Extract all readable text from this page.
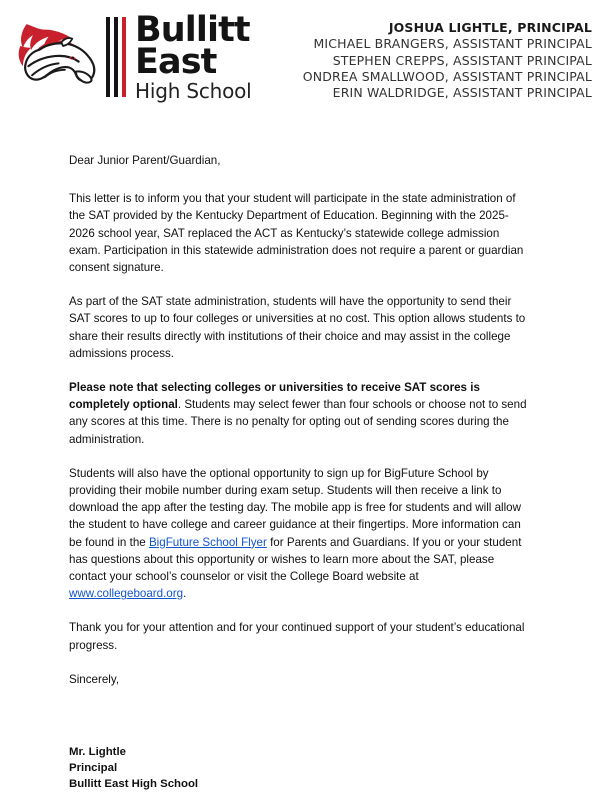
Bullitt
East
High School
JOSHUA LIGHTLE, PRINCIPAL
MICHAEL BRANGERS, ASSISTANT PRINCIPAL
STEPHEN CREPPS, ASSISTANT PRINCIPAL
ONDREA SMALLWOOD, ASSISTANT PRINCIPAL
ERIN WALDRIDGE, ASSISTANT PRINCIPAL

Dear Junior Parent/Guardian,

This letter is to inform you that your student will participate in the state administration of the SAT provided by the Kentucky Department of Education. Beginning with the 2025-2026 school year, SAT replaced the ACT as Kentucky’s statewide college admission exam. Participation in this statewide administration does not require a parent or guardian consent signature.

As part of the SAT state administration, students will have the opportunity to send their SAT scores to up to four colleges or universities at no cost. This option allows students to share their results directly with institutions of their choice and may assist in the college admissions process.

Please note that selecting colleges or universities to receive SAT scores is completely optional. Students may select fewer than four schools or choose not to send any scores at this time. There is no penalty for opting out of sending scores during the administration.

Students will also have the optional opportunity to sign up for BigFuture School by providing their mobile number during exam setup. Students will then receive a link to download the app after the testing day. The mobile app is free for students and will allow the student to have college and career guidance at their fingertips. More information can be found in the BigFuture School Flyer for Parents and Guardians. If you or your student has questions about this opportunity or wishes to learn more about the SAT, please contact your school’s counselor or visit the College Board website at www.collegeboard.org.

Thank you for your attention and for your continued support of your student’s educational progress.

Sincerely,

Mr. Lightle
Principal
Bullitt East High School
